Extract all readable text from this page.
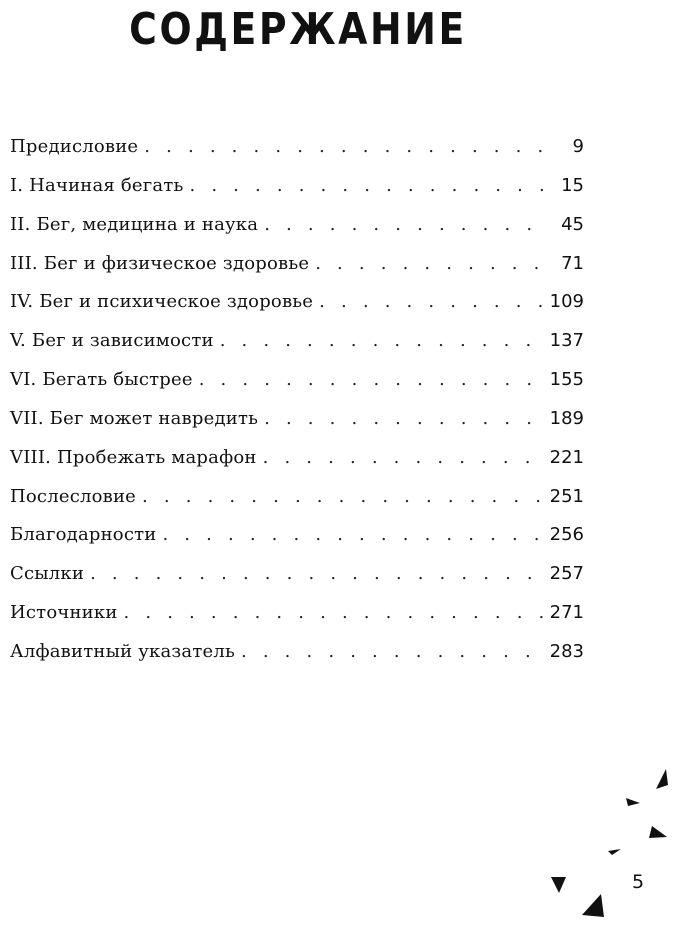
СОДЕРЖАНИЕ
Предисловие . . .	9
I. Начиная бегать . . .	15
II. Бег, медицина и наука . . .	45
III. Бег и физическое здоровье . . .	71
IV. Бег и психическое здоровье . . .	109
V. Бег и зависимости . . .	137
VI. Бегать быстрее . . .	155
VII. Бег может навредить . . .	189
VIII. Пробежать марафон . . .	221
Послесловие . . .	251
Благодарности . . .	256
Ссылки . . .	257
Источники . . .	271
Алфавитный указатель . . .	283

5
